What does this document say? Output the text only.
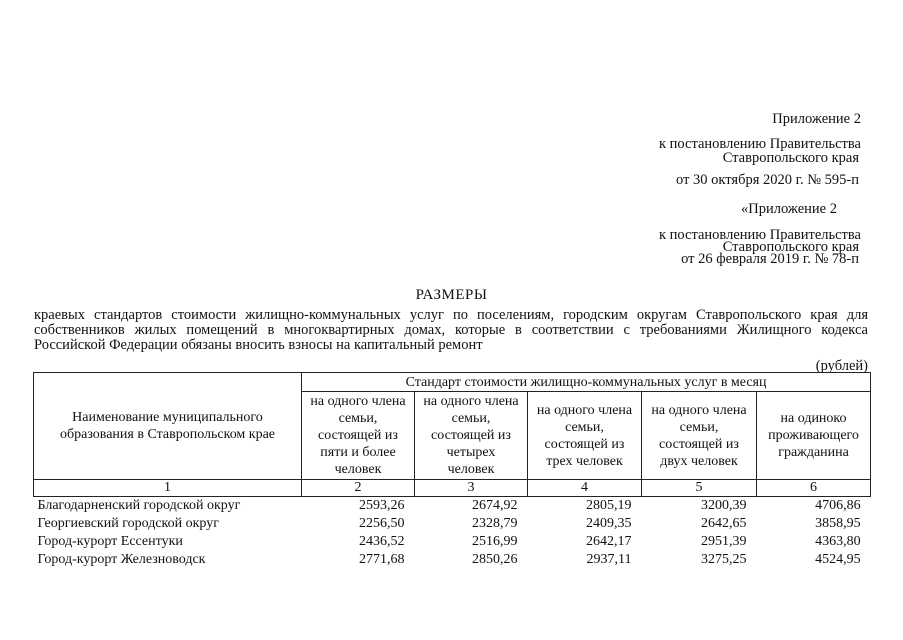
Приложение 2
к постановлению Правительства
Ставропольского края
от 30 октября 2020 г. № 595-п
«Приложение 2
к постановлению Правительства
Ставропольского края
от 26 февраля 2019 г. № 78-п
РАЗМЕРЫ
краевых стандартов стоимости жилищно-коммунальных услуг по поселениям, городским округам Ставропольского края для собственников жилых помещений в многоквартирных домах, которые в соответствии с требованиями Жилищного кодекса Российской Федерации обязаны вносить взносы на капитальный ремонт
(рублей)
Наименование муниципального образования в Ставропольском крае	Стандарт стоимости жилищно-коммунальных услуг в месяц				
	на одного члена семьи, состоящей из пяти и более человек	на одного члена семьи, состоящей из четырех человек	на одного члена семьи, состоящей из трех человек	на одного члена семьи, состоящей из двух человек	на одиноко проживающего гражданина
1	2	3	4	5	6
Благодарненский городской округ	2593,26	2674,92	2805,19	3200,39	4706,86
Георгиевский городской округ	2256,50	2328,79	2409,35	2642,65	3858,95
Город-курорт Ессентуки	2436,52	2516,99	2642,17	2951,39	4363,80
Город-курорт Железноводск	2771,68	2850,26	2937,11	3275,25	4524,95
